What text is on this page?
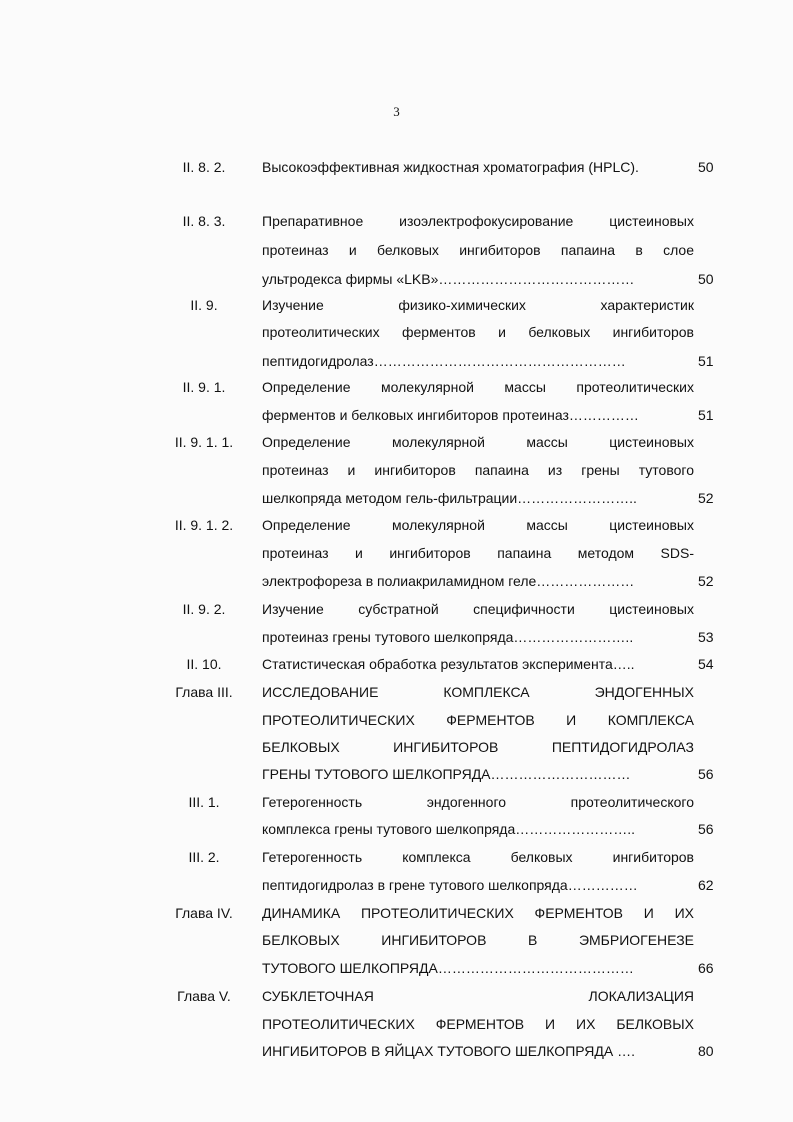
3
II. 8. 2.	Высокоэффективная жидкостная хроматография (HPLC).	50
II. 8. 3.	Препаративное изоэлектрофокусирование цистеиновых
протеиназ и белковых ингибиторов папаина в слое
ультродекса фирмы «LKB»……………………………………	50
II. 9.	Изучение физико-химических характеристик
протеолитических ферментов и белковых ингибиторов
пептидогидролаз………………………………………………	51
II. 9. 1.	Определение молекулярной массы протеолитических
ферментов и белковых ингибиторов протеиназ……………	51
II. 9. 1. 1.	Определение молекулярной массы цистеиновых
протеиназ и ингибиторов папаина из грены тутового
шелкопряда методом гель-фильтрации……………………..	52
II. 9. 1. 2.	Определение молекулярной массы цистеиновых
протеиназ и ингибиторов папаина методом SDS-
электрофореза в полиакриламидном геле…………………	52
II. 9. 2.	Изучение субстратной специфичности цистеиновых
протеиназ грены тутового шелкопряда……………………..	53
II. 10.	Статистическая обработка результатов эксперимента…..	54
Глава III.	ИССЛЕДОВАНИЕ КОМПЛЕКСА ЭНДОГЕННЫХ
ПРОТЕОЛИТИЧЕСКИХ ФЕРМЕНТОВ И КОМПЛЕКСА
БЕЛКОВЫХ ИНГИБИТОРОВ ПЕПТИДОГИДРОЛАЗ
ГРЕНЫ ТУТОВОГО ШЕЛКОПРЯДА…………………………	56
III. 1.	Гетерогенность эндогенного протеолитического
комплекса грены тутового шелкопряда……………………..	56
III. 2.	Гетерогенность комплекса белковых ингибиторов
пептидогидролаз в грене тутового шелкопряда……………	62
Глава IV.	ДИНАМИКА ПРОТЕОЛИТИЧЕСКИХ ФЕРМЕНТОВ И ИХ
БЕЛКОВЫХ ИНГИБИТОРОВ В ЭМБРИОГЕНЕЗЕ
ТУТОВОГО ШЕЛКОПРЯДА……………………………………	66
Глава V.	СУБКЛЕТОЧНАЯ ЛОКАЛИЗАЦИЯ
ПРОТЕОЛИТИЧЕСКИХ ФЕРМЕНТОВ И ИХ БЕЛКОВЫХ
ИНГИБИТОРОВ В ЯЙЦАХ ТУТОВОГО ШЕЛКОПРЯДА ….	80
